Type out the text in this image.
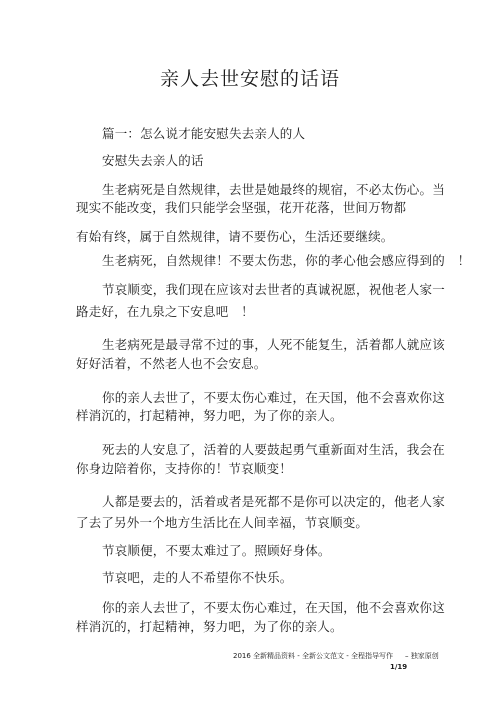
亲人去世安慰的话语
篇一：怎么说才能安慰失去亲人的人
安慰失去亲人的话
生老病死是自然规律，去世是她最终的规宿，不必太伤心。当
现实不能改变，我们只能学会坚强，花开花落，世间万物都
有始有终，属于自然规律，请不要伤心，生活还要继续。
生老病死，自然规律！不要太伤悲，你的孝心他会感应得到的　！
节哀顺变，我们现在应该对去世者的真诚祝愿，祝他老人家一
路走好，在九泉之下安息吧　！
生老病死是最寻常不过的事，人死不能复生，活着都人就应该
好好活着，不然老人也不会安息。
你的亲人去世了，不要太伤心难过，在天国，他不会喜欢你这
样消沉的，打起精神，努力吧，为了你的亲人。
死去的人安息了，活着的人要鼓起勇气重新面对生活，我会在
你身边陪着你，支持你的！节哀顺变！
人都是要去的，活着或者是死都不是你可以决定的，他老人家
了去了另外一个地方生活比在人间幸福，节哀顺变。
节哀顺便，不要太难过了。照顾好身体。
节哀吧，走的人不希望你不快乐。
你的亲人去世了，不要太伤心难过，在天国，他不会喜欢你这
样消沉的，打起精神，努力吧，为了你的亲人。
2016 全新精品资料 - 全新公文范文 - 全程指导写作 – 独家原创
1/19
